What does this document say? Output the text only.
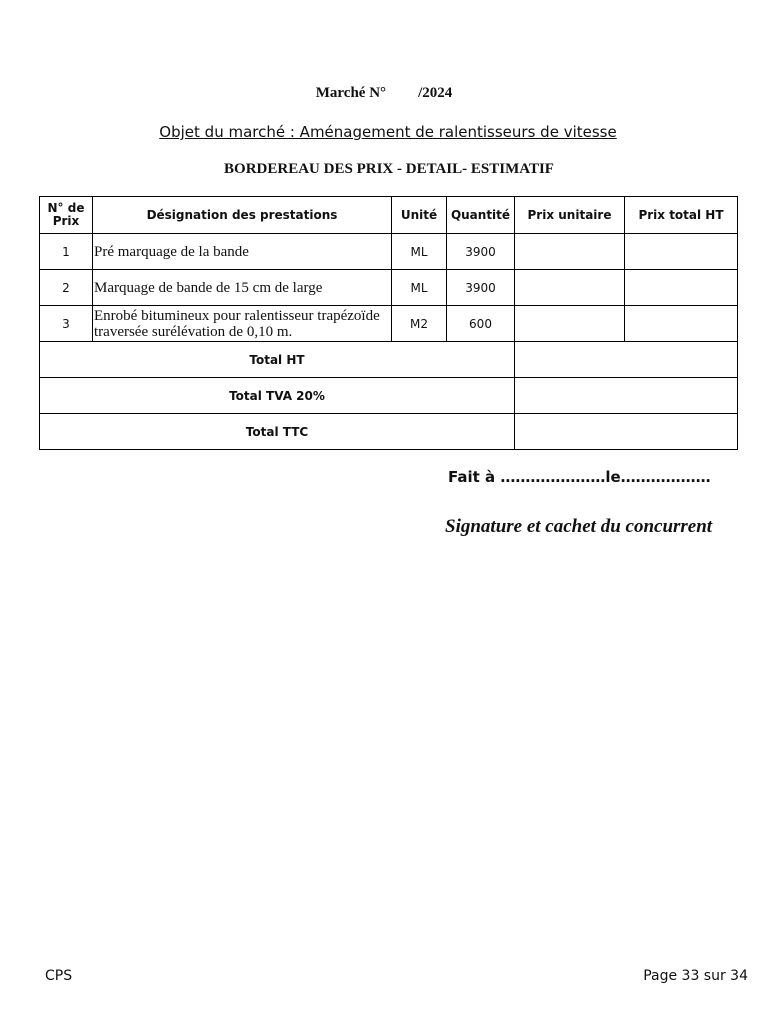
Marché N° /2024
Objet du marché : Aménagement de ralentisseurs de vitesse
BORDEREAU DES PRIX - DETAIL- ESTIMATIF
N° de Prix	Désignation des prestations	Unité	Quantité	Prix unitaire	Prix total HT
1	Pré marquage de la bande	ML	3900		
2	Marquage de bande de 15 cm de large	ML	3900		
3	Enrobé bitumineux pour ralentisseur trapézoïde traversée surélévation de 0,10 m.	M2	600		
Total HT					
Total TVA 20%					
Total TTC					
Fait à …………………le………………
Signature et cachet du concurrent
CPS	Page 33 sur 34
